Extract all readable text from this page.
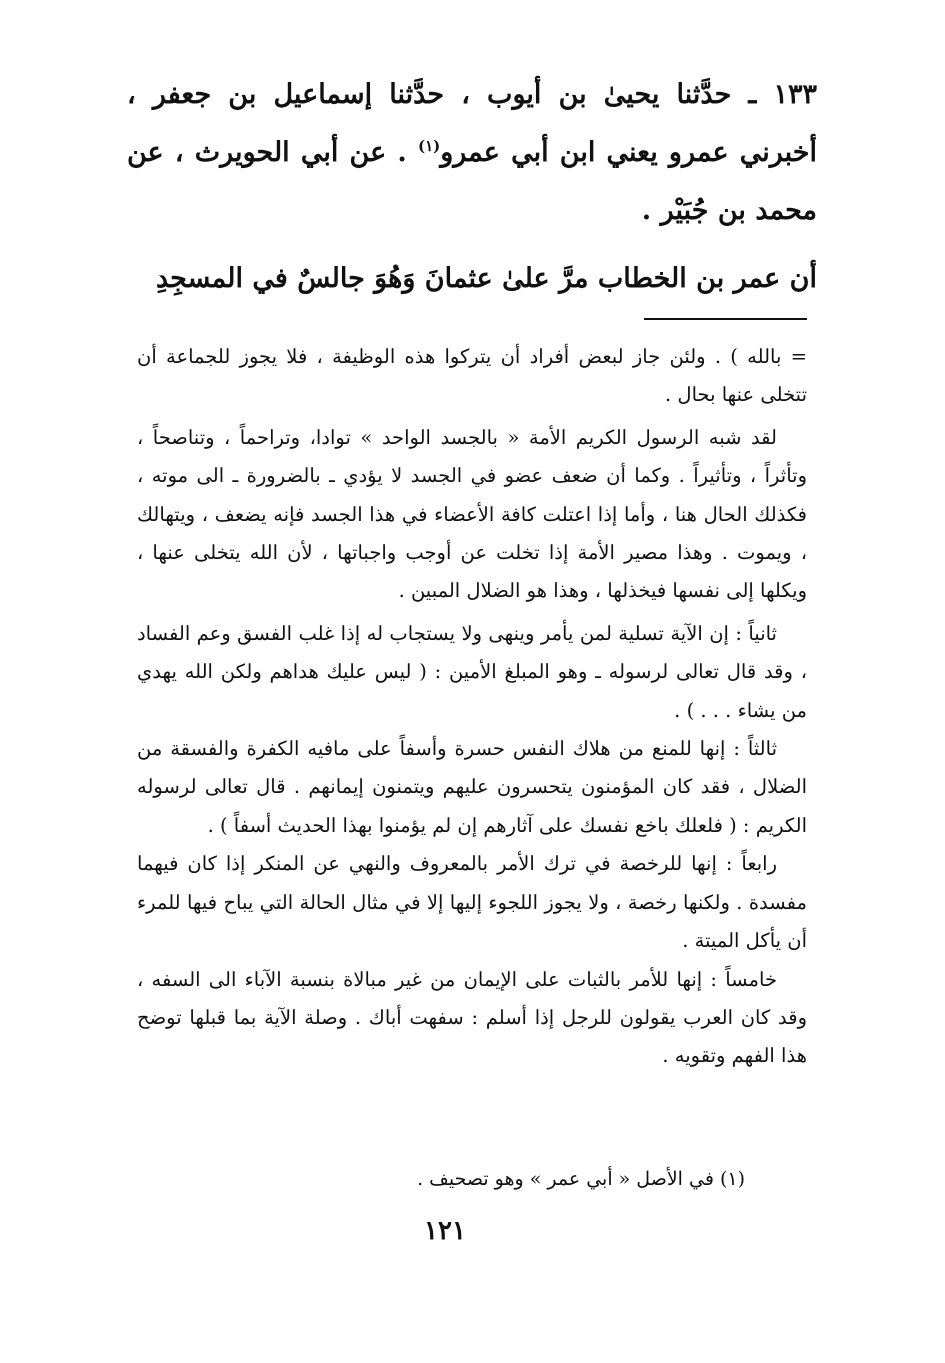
١٣٣ ـ حدَّثنا يحيىٰ بن أيوب ، حدَّثنا إسماعيل بن جعفر ، أخبرني عمرو يعني ابن أبي عمرو$^{(١)}$ . عن أبي الحويرث ، عن محمد بن جُبَيْر .

أن عمر بن الخطاب مرَّ علىٰ عثمانَ وَهُوَ جالسٌ في المسجِدِ

= بالله ) . ولئن جاز لبعض أفراد أن يتركوا هذه الوظيفة ، فلا يجوز للجماعة أن تتخلى عنها بحال .

لقد شبه الرسول الكريم الأمة « بالجسد الواحد » توادا، وتراحماً ، وتناصحاً ، وتأثراً ، وتأثيراً . وكما أن ضعف عضو في الجسد لا يؤدي ـ بالضرورة ـ الى موته ، فكذلك الحال هنا ، وأما إذا اعتلت كافة الأعضاء في هذا الجسد فإنه يضعف ، ويتهالك ، ويموت . وهذا مصير الأمة إذا تخلت عن أوجب واجباتها ، لأن الله يتخلى عنها ، ويكلها إلى نفسها فيخذلها ، وهذا هو الضلال المبين .

ثانياً : إن الآية تسلية لمن يأمر وينهى ولا يستجاب له إذا غلب الفسق وعم الفساد ، وقد قال تعالى لرسوله ـ وهو المبلغ الأمين : ( ليس عليك هداهم ولكن الله يهدي من يشاء . . . ) .

ثالثاً : إنها للمنع من هلاك النفس حسرة وأسفاً على مافيه الكفرة والفسقة من الضلال ، فقد كان المؤمنون يتحسرون عليهم ويتمنون إيمانهم . قال تعالى لرسوله الكريم : ( فلعلك باخع نفسك على آثارهم إن لم يؤمنوا بهذا الحديث أسفاً ) .

رابعاً : إنها للرخصة في ترك الأمر بالمعروف والنهي عن المنكر إذا كان فيهما مفسدة . ولكنها رخصة ، ولا يجوز اللجوء إليها إلا في مثال الحالة التي يباح فيها للمرء أن يأكل الميتة .

خامساً : إنها للأمر بالثبات على الإيمان من غير مبالاة بنسبة الآباء الى السفه ، وقد كان العرب يقولون للرجل إذا أسلم : سفهت أباك . وصلة الآية بما قبلها توضح هذا الفهم وتقويه .

(١) في الأصل « أبي عمر » وهو تصحيف .
١٢١
